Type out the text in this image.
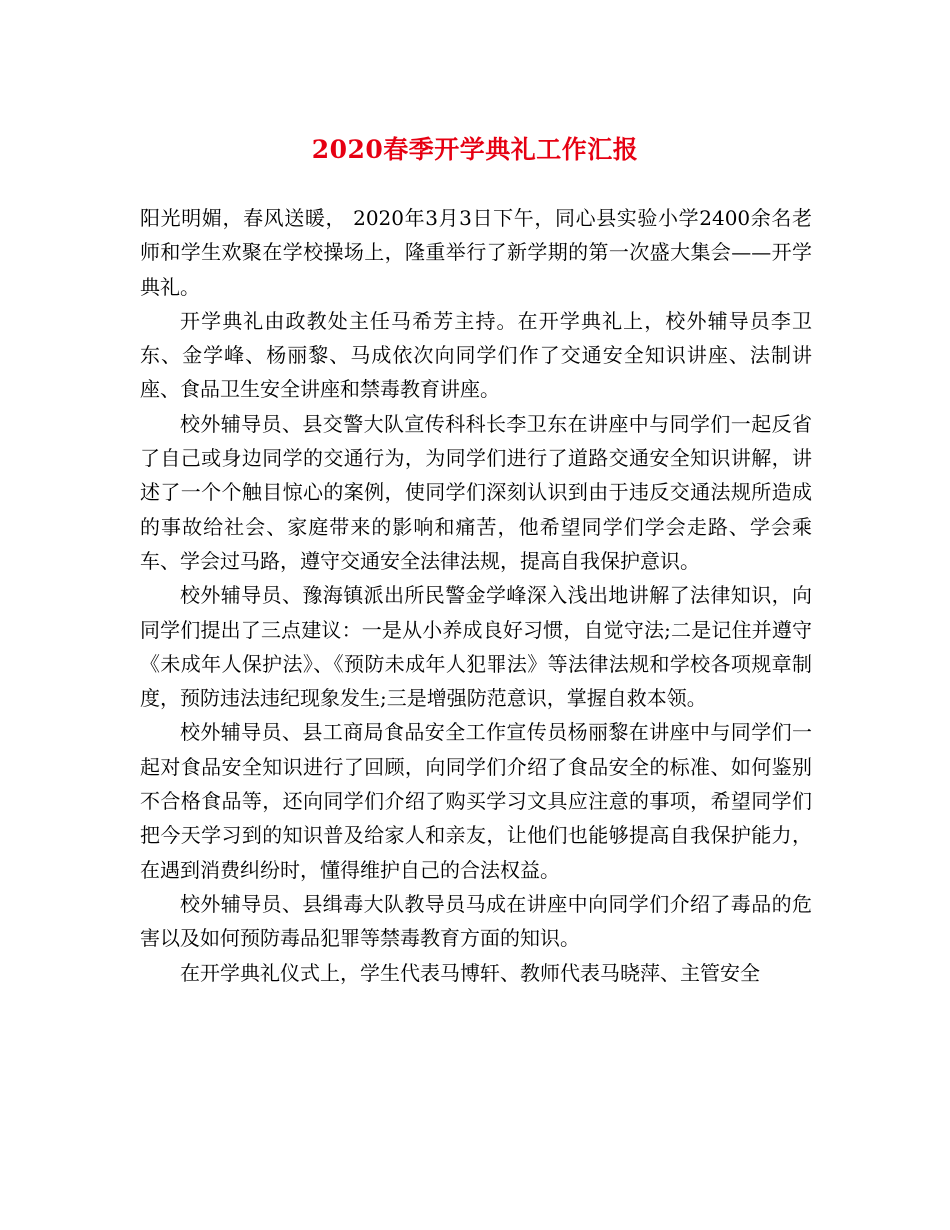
2020春季开学典礼工作汇报

阳光明媚，春风送暖， 2020年3月3日下午，同心县实验小学2400余名老师和学生欢聚在学校操场上，隆重举行了新学期的第一次盛大集会——开学典礼。

开学典礼由政教处主任马希芳主持。在开学典礼上，校外辅导员李卫东、金学峰、杨丽黎、马成依次向同学们作了交通安全知识讲座、法制讲座、食品卫生安全讲座和禁毒教育讲座。

校外辅导员、县交警大队宣传科科长李卫东在讲座中与同学们一起反省了自己或身边同学的交通行为，为同学们进行了道路交通安全知识讲解，讲述了一个个触目惊心的案例，使同学们深刻认识到由于违反交通法规所造成的事故给社会、家庭带来的影响和痛苦，他希望同学们学会走路、学会乘车、学会过马路，遵守交通安全法律法规，提高自我保护意识。

校外辅导员、豫海镇派出所民警金学峰深入浅出地讲解了法律知识，向同学们提出了三点建议：一是从小养成良好习惯，自觉守法;二是记住并遵守《未成年人保护法》、《预防未成年人犯罪法》等法律法规和学校各项规章制度，预防违法违纪现象发生;三是增强防范意识，掌握自救本领。

校外辅导员、县工商局食品安全工作宣传员杨丽黎在讲座中与同学们一起对食品安全知识进行了回顾，向同学们介绍了食品安全的标准、如何鉴别不合格食品等，还向同学们介绍了购买学习文具应注意的事项，希望同学们把今天学习到的知识普及给家人和亲友，让他们也能够提高自我保护能力，在遇到消费纠纷时，懂得维护自己的合法权益。

校外辅导员、县缉毒大队教导员马成在讲座中向同学们介绍了毒品的危害以及如何预防毒品犯罪等禁毒教育方面的知识。

在开学典礼仪式上，学生代表马博轩、教师代表马晓萍、主管安全
